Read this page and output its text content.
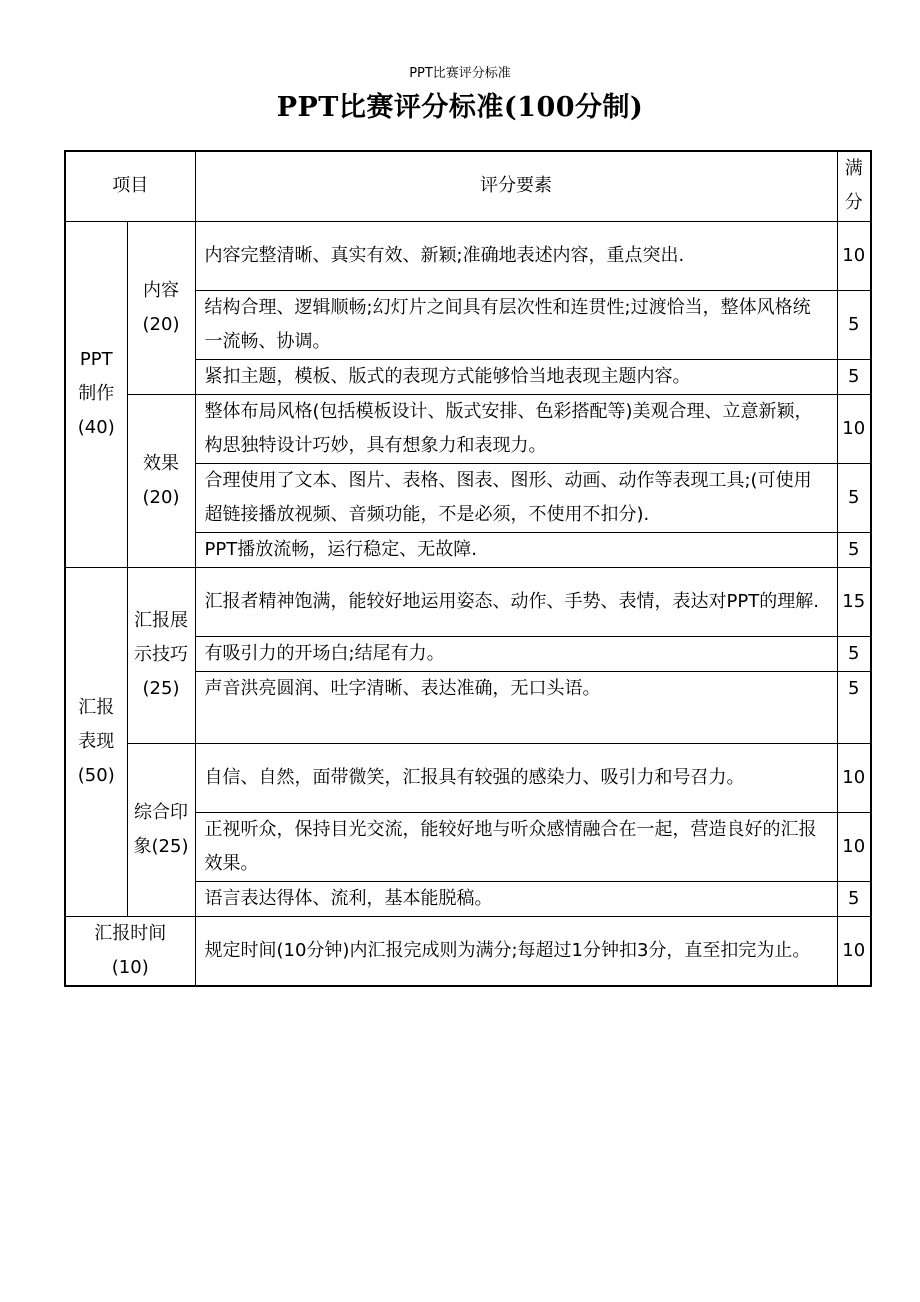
PPT比赛评分标准
PPT比赛评分标准(100分制)
项目		评分要素	满分
PPT制作(40)	内容(20)	内容完整清晰、真实有效、新颖;准确地表述内容，重点突出.	10
		结构合理、逻辑顺畅;幻灯片之间具有层次性和连贯性;过渡恰当，整体风格统一流畅、协调。	5
		紧扣主题，模板、版式的表现方式能够恰当地表现主题内容。	5
	效果(20)	整体布局风格(包括模板设计、版式安排、色彩搭配等)美观合理、立意新颖，构思独特设计巧妙，具有想象力和表现力。	10
		合理使用了文本、图片、表格、图表、图形、动画、动作等表现工具;(可使用超链接播放视频、音频功能，不是必须，不使用不扣分).	5
		PPT播放流畅，运行稳定、无故障.	5
汇报表现(50)	汇报展示技巧(25)	汇报者精神饱满，能较好地运用姿态、动作、手势、表情，表达对PPT的理解.	15
		有吸引力的开场白;结尾有力。	5
		声音洪亮圆润、吐字清晰、表达准确，无口头语。	5
	综合印象(25)	自信、自然，面带微笑，汇报具有较强的感染力、吸引力和号召力。	10
		正视听众，保持目光交流，能较好地与听众感情融合在一起，营造良好的汇报效果。	10
		语言表达得体、流利，基本能脱稿。	5
汇报时间(10)		规定时间(10分钟)内汇报完成则为满分;每超过1分钟扣3分，直至扣完为止。	10
